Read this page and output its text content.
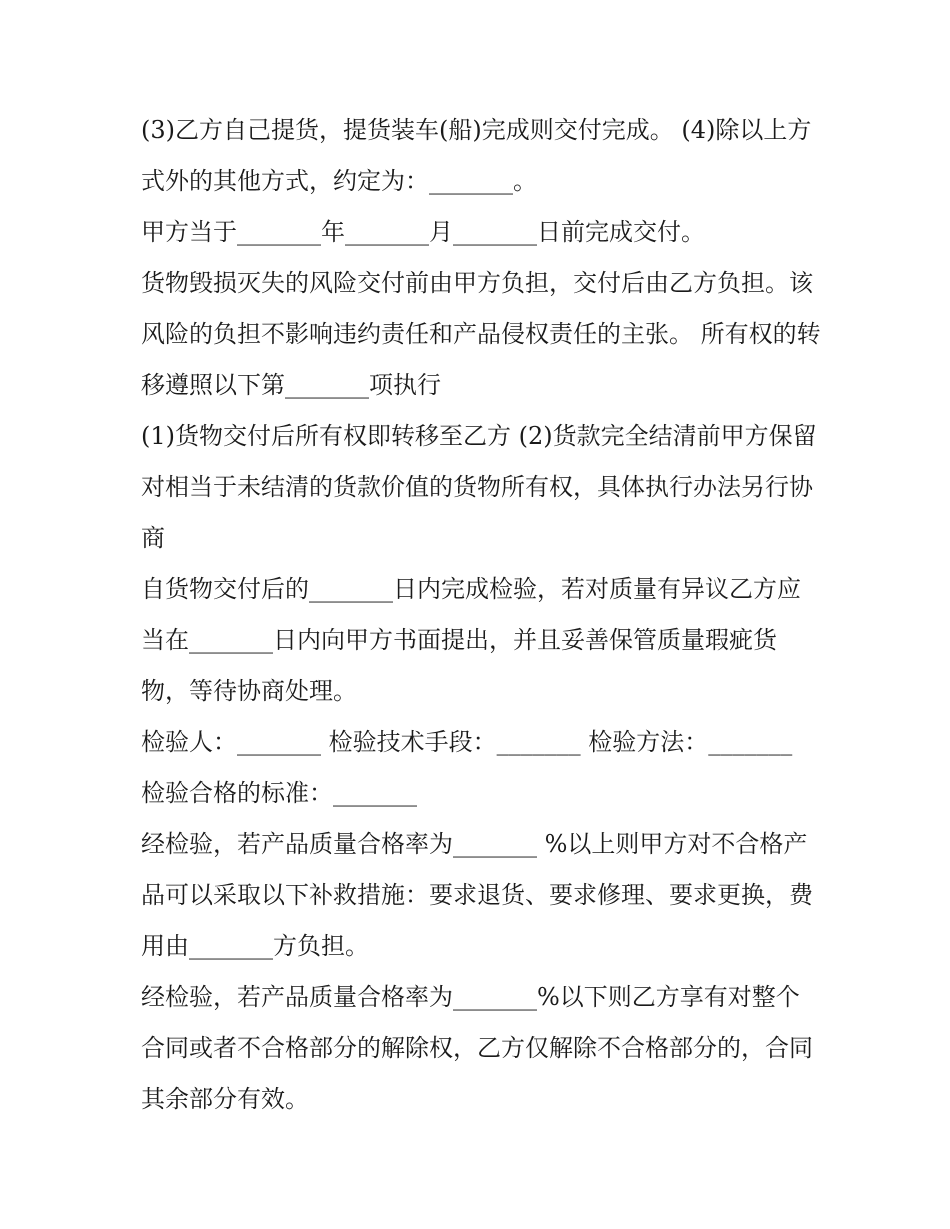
(3)乙方自己提货，提货装车(船)完成则交付完成。 (4)除以上方式外的其他方式，约定为：_______。

甲方当于_______年_______月_______日前完成交付。

货物毁损灭失的风险交付前由甲方负担，交付后由乙方负担。该风险的负担不影响违约责任和产品侵权责任的主张。 所有权的转移遵照以下第_______项执行

(1)货物交付后所有权即转移至乙方 (2)货款完全结清前甲方保留对相当于未结清的货款价值的货物所有权，具体执行办法另行协商

自货物交付后的_______日内完成检验，若对质量有异议乙方应当在_______日内向甲方书面提出，并且妥善保管质量瑕疵货物，等待协商处理。

检验人：_______ 检验技术手段：_______ 检验方法：_______ 检验合格的标准：_______

经检验，若产品质量合格率为_______ %以上则甲方对不合格产品可以采取以下补救措施：要求退货、要求修理、要求更换，费用由_______方负担。

经检验，若产品质量合格率为_______%以下则乙方享有对整个合同或者不合格部分的解除权，乙方仅解除不合格部分的，合同其余部分有效。
